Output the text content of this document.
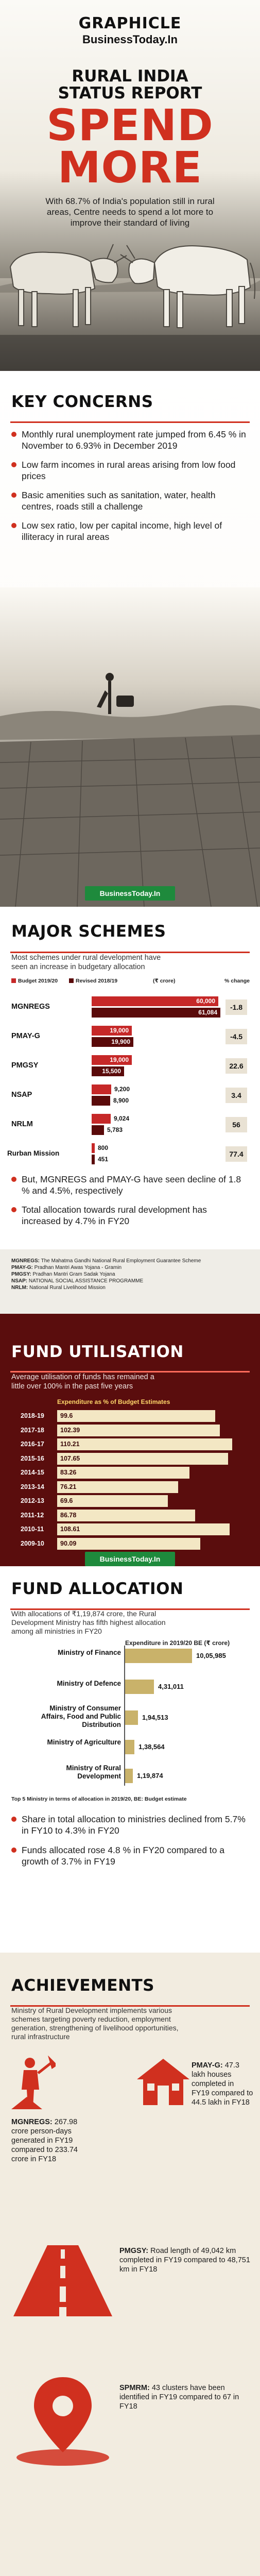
GRAPHICLE
BusinessToday.In
RURAL INDIA
STATUS REPORT
SPEND MORE

With 68.7% of India's population still in rural areas, Centre needs to spend a lot more to improve their standard of living

KEY CONCERNS
Monthly rural unemployment rate jumped from 6.45 % in November to 6.93% in December 2019
Low farm incomes in rural areas arising from low food prices
Basic amenities such as sanitation, water, health centres, roads still a challenge
Low sex ratio, low per capital income, high level of illiteracy in rural areas
BusinessToday.In
MAJOR SCHEMES

Most schemes under rural development have seen an increase in budgetary allocation

Budget 2019/20	Revised 2018/19	(₹ crore)	% change
MGNREGS
60,000
61,084
-1.8
PMAY-G
19,000
19,900
-4.5
PMGSY
19,000
15,500
22.6
NSAP
9,200
8,900
3.4
NRLM
9,024
5,783
56
Rurban Mission
800
451
77.4
But, MGNREGS and PMAY-G have seen decline of 1.8 % and 4.5%, respectively
Total allocation towards rural development has increased by 4.7% in FY20

MGNREGS: The Mahatma Gandhi National Rural Employment Guarantee Scheme

PMAY-G: Pradhan Mantri Awas Yojana - Gramin

PMGSY: Pradhan Mantri Gram Sadak Yojana

NSAP: NATIONAL SOCIAL ASSISTANCE PROGRAMME

NRLM: National Rural Livelihood Mission

FUND UTILISATION

Average utilisation of funds has remained a little over 100% in the past five years

Expenditure as % of Budget Estimates
2018-19 99.6
2017-18 102.39
2016-17 110.21
2015-16 107.65
2014-15 83.26
2013-14 76.21
2012-13 69.6
2011-12	86.78
2010-11	108.61
2009-10 90.09
BusinessToday.In
FUND ALLOCATION

With allocations of ₹1,19,874 crore, the Rural Development Ministry has fifth highest allocation among all ministries in FY20

Expenditure in 2019/20 BE (₹ crore)
Ministry of Finance	10,05,985
Ministry of Defence	4,31,011
Ministry of Consumer Affairs, Food and Public Distribution
1,94,513
Ministry of Agriculture
1,38,564
Ministry of Rural Development 1,19,874
Top 5 Ministry in terms of allocation in 2019/20, BE: Budget estimate
Share in total allocation to ministries declined from 5.7% in FY10 to 4.3% in FY20
Funds allocated rose 4.8 % in FY20 compared to a growth of 3.7% in FY19
ACHIEVEMENTS

Ministry of Rural Development implements various schemes targeting poverty reduction, employment generation, strengthening of livelihood opportunities, rural infrastructure

MGNREGS: 267.98 crore person-days generated in FY19 compared to 233.74 crore in FY18

PMAY-G: 47.3 lakh houses completed in FY19 compared to 44.5 lakh in FY18

PMGSY: Road length of 49,042 km completed in FY19 compared to 48,751 km in FY18

SPMRM: 43 clusters have been identified in FY19 compared to 67 in FY18
